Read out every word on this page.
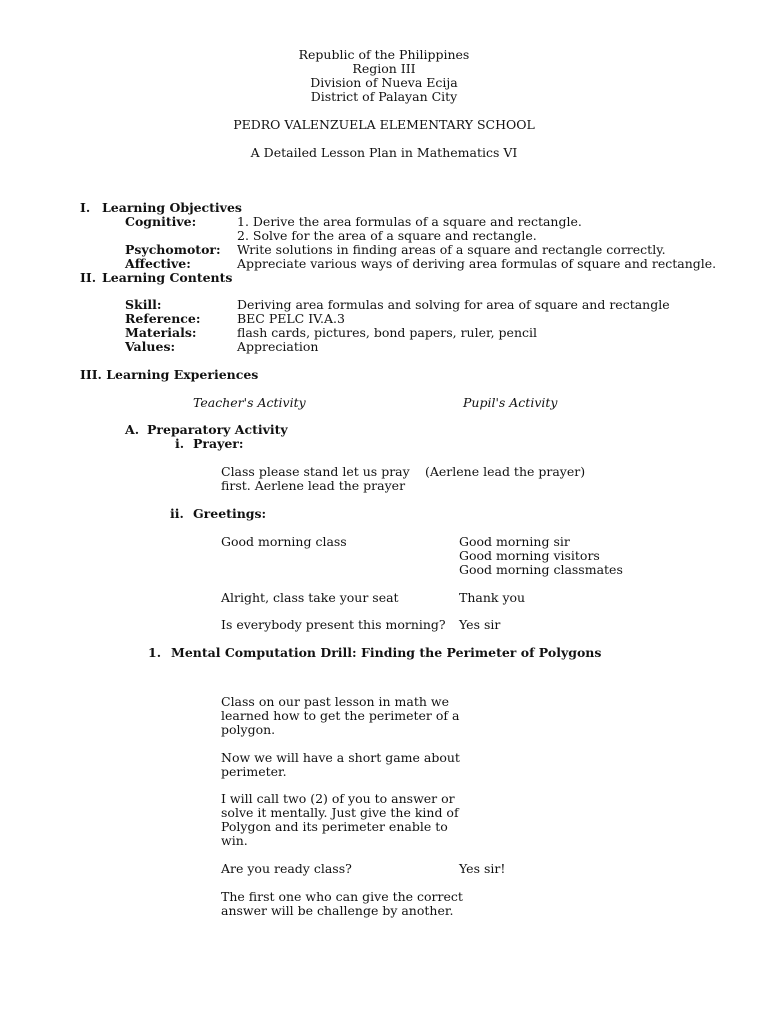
Republic of the Philippines
Region III
Division of Nueva Ecija
District of Palayan City
PEDRO VALENZUELA ELEMENTARY SCHOOL
A Detailed Lesson Plan in Mathematics VI
I. Learning Objectives
Cognitive:	1. Derive the area formulas of a square and rectangle.
2. Solve for the area of a square and rectangle.
Psychomotor: Write solutions in finding areas of a square and rectangle correctly.
Affective:	Appreciate various ways of deriving area formulas of square and rectangle.
II. Learning Contents
Skill:	Deriving area formulas and solving for area of square and rectangle
Reference:	BEC PELC IV.A.3
Materials:	flash cards, pictures, bond papers, ruler, pencil
Values:	Appreciation
III. Learning Experiences
Teacher's Activity	Pupil's Activity
A. Preparatory Activity
i. Prayer:
Class please stand let us pray
first. Aerlene lead the prayer
(Aerlene lead the prayer)
ii. Greetings:
Good morning class	Good morning sir
Good morning visitors
Good morning classmates
Alright, class take your seat	Thank you
Is everybody present this morning? Yes sir
1. Mental Computation Drill: Finding the Perimeter of Polygons
Class on our past lesson in math we
learned how to get the perimeter of a
polygon.
Now we will have a short game about
perimeter.
I will call two (2) of you to answer or
solve it mentally. Just give the kind of
Polygon and its perimeter enable to
win.
Are you ready class?	Yes sir!
The first one who can give the correct
answer will be challenge by another.
